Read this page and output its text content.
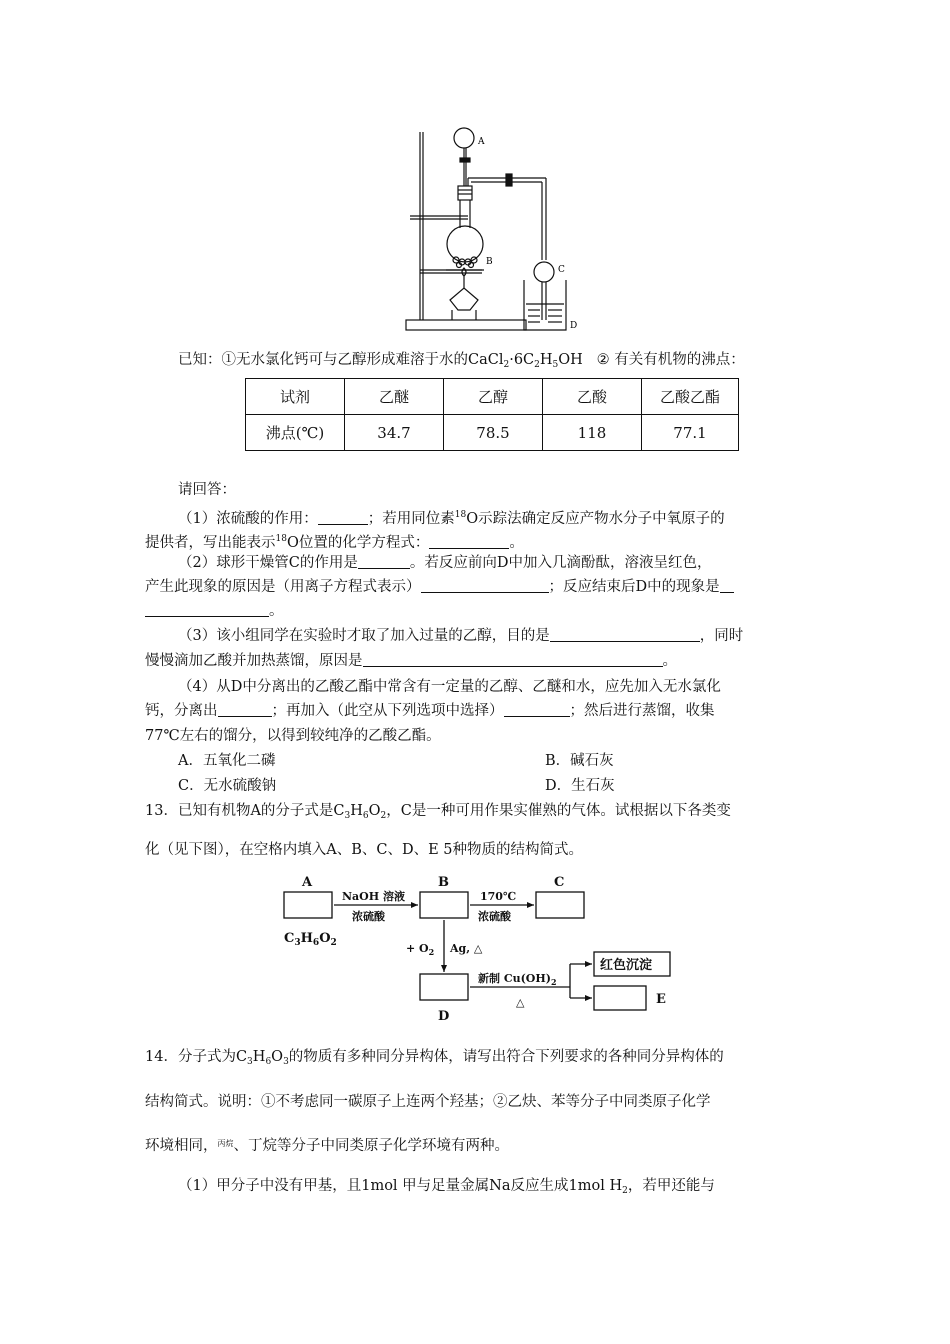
A
B
C
D
已知：①无水氯化钙可与乙醇形成难溶于水的$CaCl_2\cdot 6C_2H_5OH$ ② 有关有机物的沸点：
试剂	乙醚	乙醇	乙酸	乙酸乙酯
沸点(℃)	34.7	78.5	118	77.1
请回答：
（1）浓硫酸的作用：	；若用同位素$^{18}$O示踪法确定反应产物水分子中氧原子的
提供者，写出能表示$^{18}$O位置的化学方程式：	。
（2）球形干燥管C的作用是	。若反应前向D中加入几滴酚酞，溶液呈红色，
产生此现象的原因是（用离子方程式表示）	；反应结束后D中的现象是
。
（3）该小组同学在实验时才取了加入过量的乙醇，目的是	，同时
慢慢滴加乙酸并加热蒸馏，原因是	。
（4）从D中分离出的乙酸乙酯中常含有一定量的乙醇、乙醚和水，应先加入无水氯化
钙，分离出	；再加入（此空从下列选项中选择）	；然后进行蒸馏，收集
77℃左右的馏分，以得到较纯净的乙酸乙酯。
A．五氧化二磷	B．碱石灰
C．无水硫酸钠	D．生石灰
13．已知有机物A的分子式是$C_3H_6O_2$，C是一种可用作果实催熟的气体。试根据以下各类变
化（见下图），在空格内填入A、B、C、D、E 5种物质的结构简式。
A	B	C
D
E
$C_3H_6O_2$
NaOH 溶液
浓硫酸
170℃
浓硫酸
+ $O_2$ Ag, △
新制 $Cu(OH)_2$
△
红色沉淀
14．分子式为$C_3H_6O_3$的物质有多种同分异构体，请写出符合下列要求的各种同分异构体的
结构简式。说明：①不考虑同一碳原子上连两个羟基；②乙炔、苯等分子中同类原子化学
环境相同，$^{丙烷}$、丁烷等分子中同类原子化学环境有两种。
（1）甲分子中没有甲基，且1mol 甲与足量金属Na反应生成1mol $H_2$，若甲还能与
